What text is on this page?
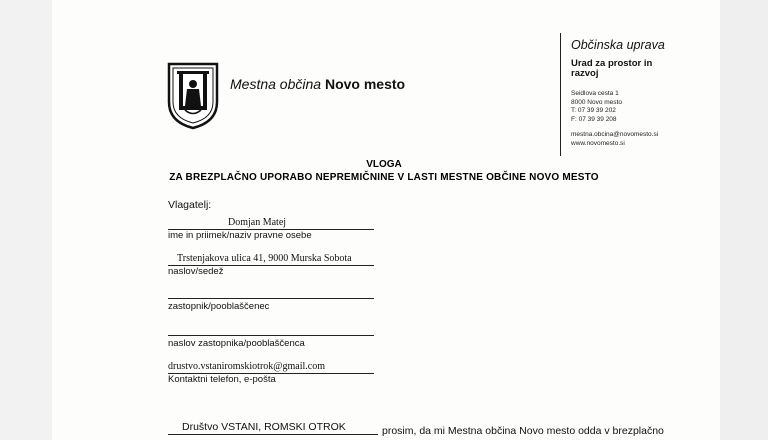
Mestna občina Novo mesto
Občinska uprava
Urad za prostor in razvoj
Seidlova cesta 1
8000 Novo mesto
T: 07 39 39 202
F: 07 39 39 208
mestna.obcina@novomesto.si
www.novomesto.si
VLOGA
ZA BREZPLAČNO UPORABO NEPREMIČNINE V LASTI MESTNE OBČINE NOVO MESTO
Vlagatelj:
Domjan Matej
ime in priimek/naziv pravne osebe
Trstenjakova ulica 41, 9000 Murska Sobota
naslov/sedež
zastopnik/pooblaščenec
naslov zastopnika/pooblaščenca
drustvo.vstaniromskiotrok@gmail.com
Kontaktni telefon, e-pošta
Društvo VSTANI, ROMSKI OTROK	prosim, da mi Mestna občina Novo mesto odda v brezplačno
